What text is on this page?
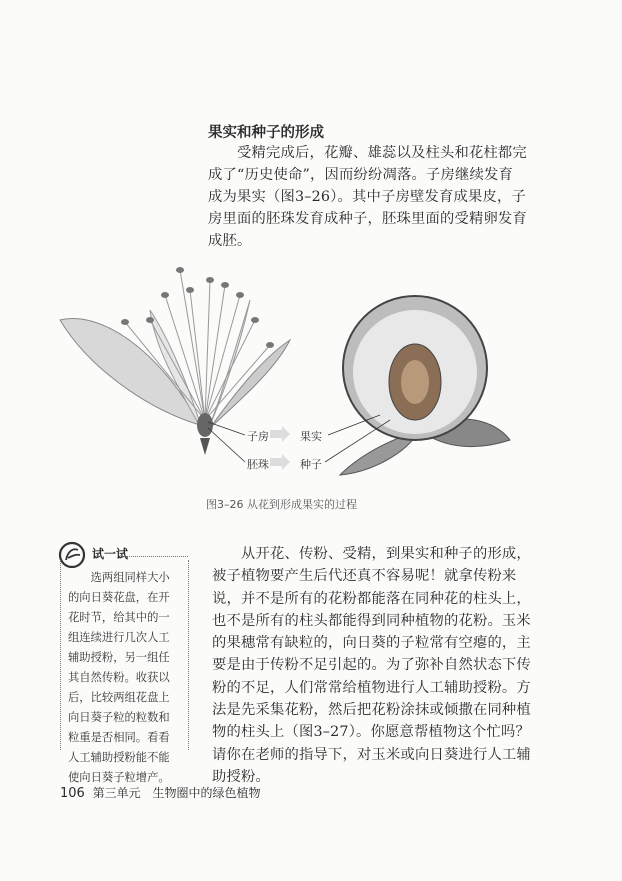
果实和种子的形成
　　受精完成后，花瓣、雄蕊以及柱头和花柱都完
成了“历史使命”，因而纷纷凋落。子房继续发育
成为果实（图3–26）。其中子房壁发育成果皮，子
房里面的胚珠发育成种子，胚珠里面的受精卵发育
成胚。
子房	果实
胚珠	种子
图3–26 从花到形成果实的过程
试一试
　　选两组同样大小
的向日葵花盘，在开
花时节，给其中的一
组连续进行几次人工
辅助授粉，另一组任
其自然传粉。收获以
后，比较两组花盘上
向日葵子粒的粒数和
粒重是否相同。看看
人工辅助授粉能不能
使向日葵子粒增产。
　　从开花、传粉、受精，到果实和种子的形成，
被子植物要产生后代还真不容易呢！就拿传粉来
说，并不是所有的花粉都能落在同种花的柱头上，
也不是所有的柱头都能得到同种植物的花粉。玉米
的果穗常有缺粒的，向日葵的子粒常有空瘪的，主
要是由于传粉不足引起的。为了弥补自然状态下传
粉的不足，人们常常给植物进行人工辅助授粉。方
法是先采集花粉，然后把花粉涂抹或倾撒在同种植
物的柱头上（图3–27）。你愿意帮植物这个忙吗？
请你在老师的指导下，对玉米或向日葵进行人工辅
助授粉。
106 第三单元 生物圈中的绿色植物
